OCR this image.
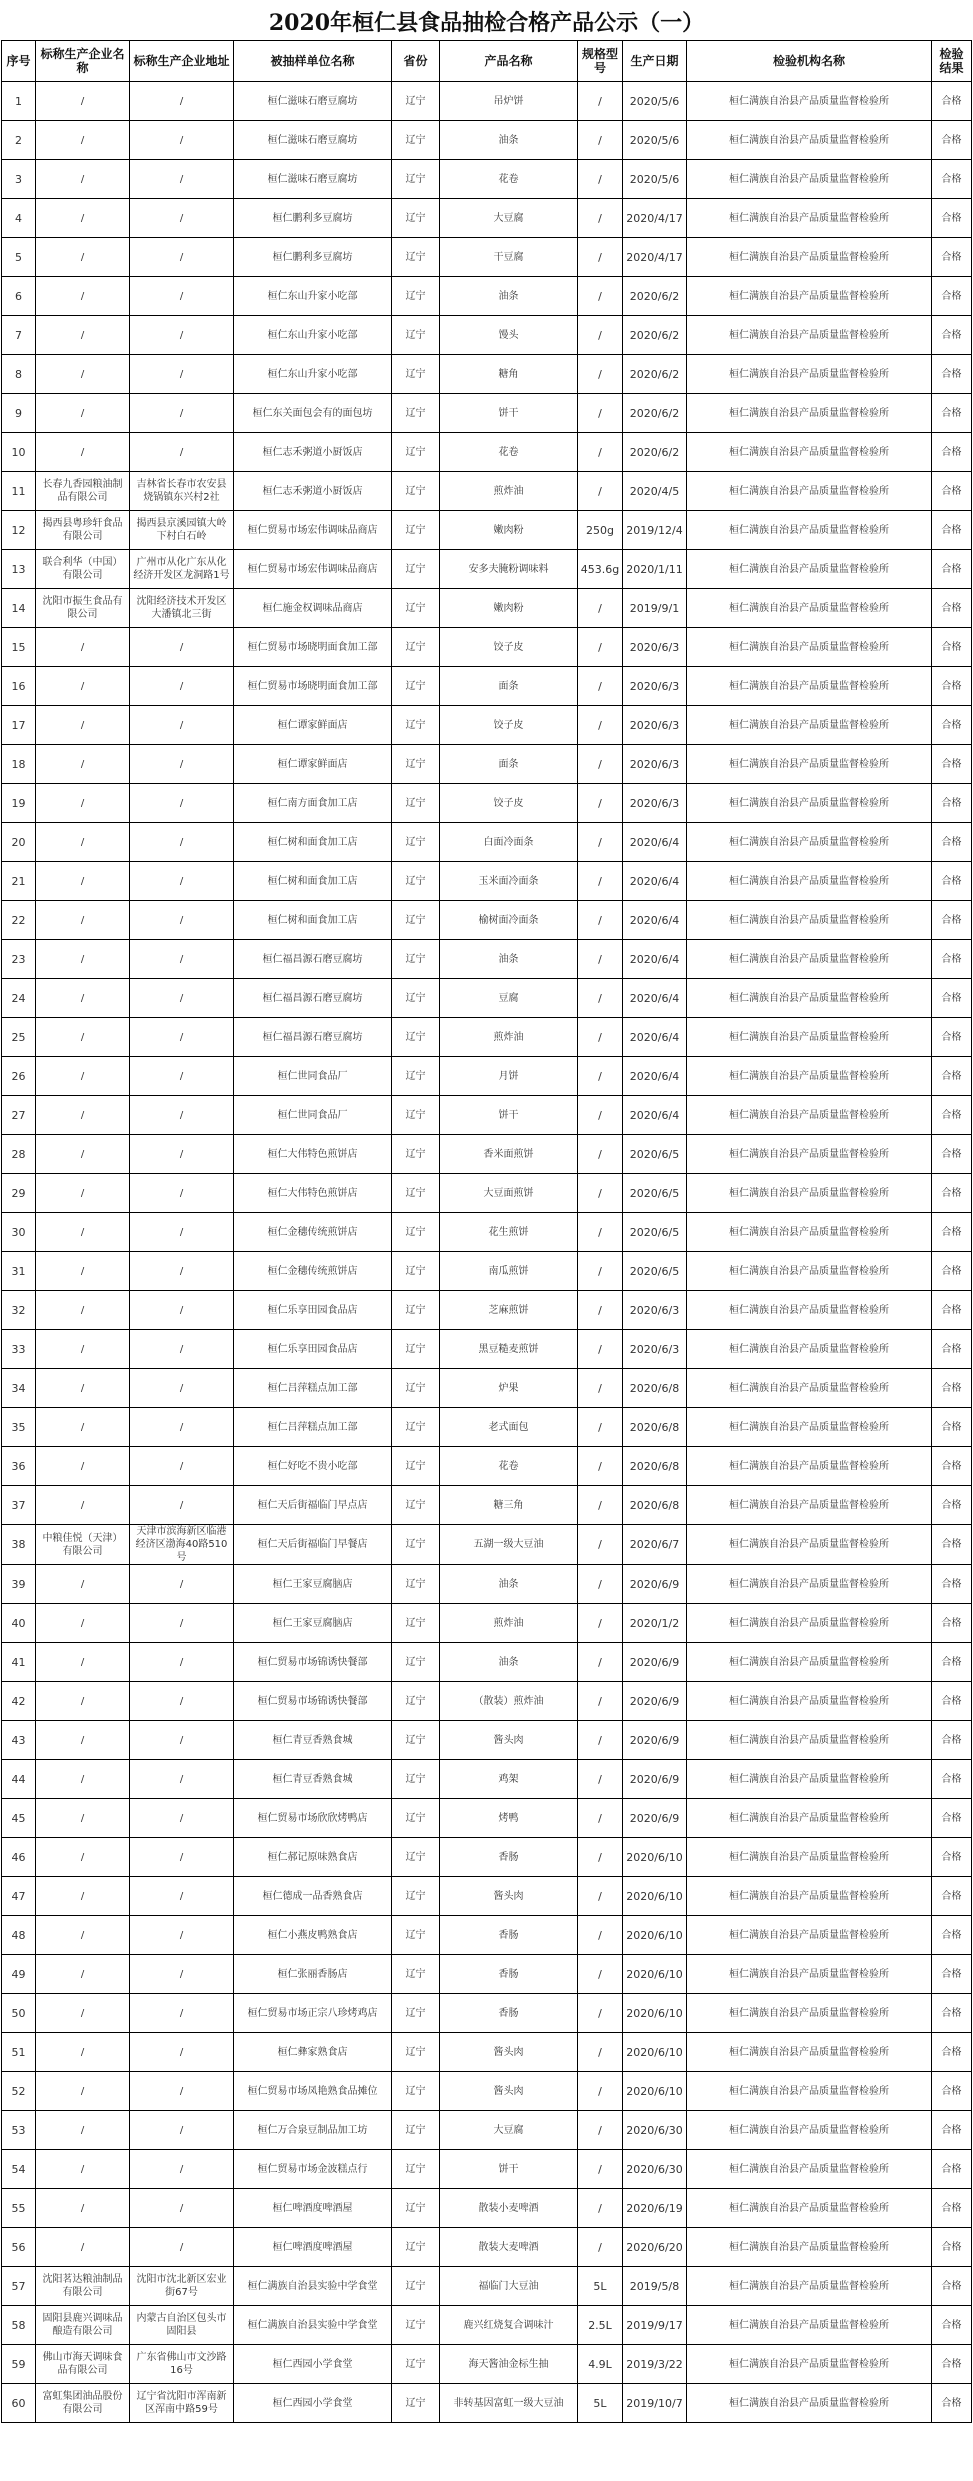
2020年桓仁县食品抽检合格产品公示（一）
序号	标称生产企业名称	标称生产企业地址	被抽样单位名称	省份	产品名称	规格型号	生产日期	检验机构名称	检验结果
1	/	/	桓仁滋味石磨豆腐坊	辽宁	吊炉饼	/	2020/5/6	桓仁满族自治县产品质量监督检验所	合格
2	/	/	桓仁滋味石磨豆腐坊	辽宁	油条	/	2020/5/6	桓仁满族自治县产品质量监督检验所	合格
3	/	/	桓仁滋味石磨豆腐坊	辽宁	花卷	/	2020/5/6	桓仁满族自治县产品质量监督检验所	合格
4	/	/	桓仁鹏利多豆腐坊	辽宁	大豆腐	/	2020/4/17	桓仁满族自治县产品质量监督检验所	合格
5	/	/	桓仁鹏利多豆腐坊	辽宁	干豆腐	/	2020/4/17	桓仁满族自治县产品质量监督检验所	合格
6	/	/	桓仁东山升家小吃部	辽宁	油条	/	2020/6/2	桓仁满族自治县产品质量监督检验所	合格
7	/	/	桓仁东山升家小吃部	辽宁	馒头	/	2020/6/2	桓仁满族自治县产品质量监督检验所	合格
8	/	/	桓仁东山升家小吃部	辽宁	糖角	/	2020/6/2	桓仁满族自治县产品质量监督检验所	合格
9	/	/	桓仁东关面包会有的面包坊	辽宁	饼干	/	2020/6/2	桓仁满族自治县产品质量监督检验所	合格
10	/	/	桓仁志禾粥道小厨饭店	辽宁	花卷	/	2020/6/2	桓仁满族自治县产品质量监督检验所	合格
11	长春九香园粮油制品有限公司	吉林省长春市农安县烧锅镇东兴村2社	桓仁志禾粥道小厨饭店	辽宁	煎炸油	/	2020/4/5	桓仁满族自治县产品质量监督检验所	合格
12	揭西县粤珍轩食品有限公司	揭西县京溪园镇大岭下村白石岭	桓仁贸易市场宏伟调味品商店	辽宁	嫩肉粉	250g	2019/12/4	桓仁满族自治县产品质量监督检验所	合格
13	联合利华（中国）有限公司	广州市从化广东从化经济开发区龙洞路1号	桓仁贸易市场宏伟调味品商店	辽宁	安多夫腌粉调味料	453.6g	2020/1/11	桓仁满族自治县产品质量监督检验所	合格
14	沈阳市振生食品有限公司	沈阳经济技术开发区大潘镇北三街	桓仁施金权调味品商店	辽宁	嫩肉粉	/	2019/9/1	桓仁满族自治县产品质量监督检验所	合格
15	/	/	桓仁贸易市场晓明面食加工部	辽宁	饺子皮	/	2020/6/3	桓仁满族自治县产品质量监督检验所	合格
16	/	/	桓仁贸易市场晓明面食加工部	辽宁	面条	/	2020/6/3	桓仁满族自治县产品质量监督检验所	合格
17	/	/	桓仁谭家鲜面店	辽宁	饺子皮	/	2020/6/3	桓仁满族自治县产品质量监督检验所	合格
18	/	/	桓仁谭家鲜面店	辽宁	面条	/	2020/6/3	桓仁满族自治县产品质量监督检验所	合格
19	/	/	桓仁南方面食加工店	辽宁	饺子皮	/	2020/6/3	桓仁满族自治县产品质量监督检验所	合格
20	/	/	桓仁树和面食加工店	辽宁	白面冷面条	/	2020/6/4	桓仁满族自治县产品质量监督检验所	合格
21	/	/	桓仁树和面食加工店	辽宁	玉米面冷面条	/	2020/6/4	桓仁满族自治县产品质量监督检验所	合格
22	/	/	桓仁树和面食加工店	辽宁	榆树面冷面条	/	2020/6/4	桓仁满族自治县产品质量监督检验所	合格
23	/	/	桓仁福昌源石磨豆腐坊	辽宁	油条	/	2020/6/4	桓仁满族自治县产品质量监督检验所	合格
24	/	/	桓仁福昌源石磨豆腐坊	辽宁	豆腐	/	2020/6/4	桓仁满族自治县产品质量监督检验所	合格
25	/	/	桓仁福昌源石磨豆腐坊	辽宁	煎炸油	/	2020/6/4	桓仁满族自治县产品质量监督检验所	合格
26	/	/	桓仁世同食品厂	辽宁	月饼	/	2020/6/4	桓仁满族自治县产品质量监督检验所	合格
27	/	/	桓仁世同食品厂	辽宁	饼干	/	2020/6/4	桓仁满族自治县产品质量监督检验所	合格
28	/	/	桓仁大伟特色煎饼店	辽宁	香米面煎饼	/	2020/6/5	桓仁满族自治县产品质量监督检验所	合格
29	/	/	桓仁大伟特色煎饼店	辽宁	大豆面煎饼	/	2020/6/5	桓仁满族自治县产品质量监督检验所	合格
30	/	/	桓仁金穗传统煎饼店	辽宁	花生煎饼	/	2020/6/5	桓仁满族自治县产品质量监督检验所	合格
31	/	/	桓仁金穗传统煎饼店	辽宁	南瓜煎饼	/	2020/6/5	桓仁满族自治县产品质量监督检验所	合格
32	/	/	桓仁乐享田园食品店	辽宁	芝麻煎饼	/	2020/6/3	桓仁满族自治县产品质量监督检验所	合格
33	/	/	桓仁乐享田园食品店	辽宁	黑豆糙麦煎饼	/	2020/6/3	桓仁满族自治县产品质量监督检验所	合格
34	/	/	桓仁吕萍糕点加工部	辽宁	炉果	/	2020/6/8	桓仁满族自治县产品质量监督检验所	合格
35	/	/	桓仁吕萍糕点加工部	辽宁	老式面包	/	2020/6/8	桓仁满族自治县产品质量监督检验所	合格
36	/	/	桓仁好吃不贵小吃部	辽宁	花卷	/	2020/6/8	桓仁满族自治县产品质量监督检验所	合格
37	/	/	桓仁天后街福临门早点店	辽宁	糖三角	/	2020/6/8	桓仁满族自治县产品质量监督检验所	合格
38	中粮佳悦（天津）有限公司	天津市滨海新区临港经济区渤海40路510号	桓仁天后街福临门早餐店	辽宁	五湖一级大豆油	/	2020/6/7	桓仁满族自治县产品质量监督检验所	合格
39	/	/	桓仁王家豆腐脑店	辽宁	油条	/	2020/6/9	桓仁满族自治县产品质量监督检验所	合格
40	/	/	桓仁王家豆腐脑店	辽宁	煎炸油	/	2020/1/2	桓仁满族自治县产品质量监督检验所	合格
41	/	/	桓仁贸易市场锦诱快餐部	辽宁	油条	/	2020/6/9	桓仁满族自治县产品质量监督检验所	合格
42	/	/	桓仁贸易市场锦诱快餐部	辽宁	（散装）煎炸油	/	2020/6/9	桓仁满族自治县产品质量监督检验所	合格
43	/	/	桓仁青豆香熟食城	辽宁	酱头肉	/	2020/6/9	桓仁满族自治县产品质量监督检验所	合格
44	/	/	桓仁青豆香熟食城	辽宁	鸡架	/	2020/6/9	桓仁满族自治县产品质量监督检验所	合格
45	/	/	桓仁贸易市场欣欣烤鸭店	辽宁	烤鸭	/	2020/6/9	桓仁满族自治县产品质量监督检验所	合格
46	/	/	桓仁郝记原味熟食店	辽宁	香肠	/	2020/6/10	桓仁满族自治县产品质量监督检验所	合格
47	/	/	桓仁德成一品香熟食店	辽宁	酱头肉	/	2020/6/10	桓仁满族自治县产品质量监督检验所	合格
48	/	/	桓仁小燕皮鸭熟食店	辽宁	香肠	/	2020/6/10	桓仁满族自治县产品质量监督检验所	合格
49	/	/	桓仁张丽香肠店	辽宁	香肠	/	2020/6/10	桓仁满族自治县产品质量监督检验所	合格
50	/	/	桓仁贸易市场正宗八珍烤鸡店	辽宁	香肠	/	2020/6/10	桓仁满族自治县产品质量监督检验所	合格
51	/	/	桓仁彝家熟食店	辽宁	酱头肉	/	2020/6/10	桓仁满族自治县产品质量监督检验所	合格
52	/	/	桓仁贸易市场凤艳熟食品摊位	辽宁	酱头肉	/	2020/6/10	桓仁满族自治县产品质量监督检验所	合格
53	/	/	桓仁万合泉豆制品加工坊	辽宁	大豆腐	/	2020/6/30	桓仁满族自治县产品质量监督检验所	合格
54	/	/	桓仁贸易市场金波糕点行	辽宁	饼干	/	2020/6/30	桓仁满族自治县产品质量监督检验所	合格
55	/	/	桓仁啤酒度啤酒屋	辽宁	散装小麦啤酒	/	2020/6/19	桓仁满族自治县产品质量监督检验所	合格
56	/	/	桓仁啤酒度啤酒屋	辽宁	散装大麦啤酒	/	2020/6/20	桓仁满族自治县产品质量监督检验所	合格
57	沈阳茗达粮油制品有限公司	沈阳市沈北新区宏业街67号	桓仁满族自治县实验中学食堂	辽宁	福临门大豆油	5L	2019/5/8	桓仁满族自治县产品质量监督检验所	合格
58	固阳县鹿兴调味品酿造有限公司	内蒙古自治区包头市固阳县	桓仁满族自治县实验中学食堂	辽宁	鹿兴红烧复合调味汁	2.5L	2019/9/17	桓仁满族自治县产品质量监督检验所	合格
59	佛山市海天调味食品有限公司	广东省佛山市文沙路16号	桓仁西园小学食堂	辽宁	海天酱油金标生抽	4.9L	2019/3/22	桓仁满族自治县产品质量监督检验所	合格
60	富虹集团油品股份有限公司	辽宁省沈阳市浑南新区浑南中路59号	桓仁西园小学食堂	辽宁	非转基因富虹一级大豆油	5L	2019/10/7	桓仁满族自治县产品质量监督检验所	合格
